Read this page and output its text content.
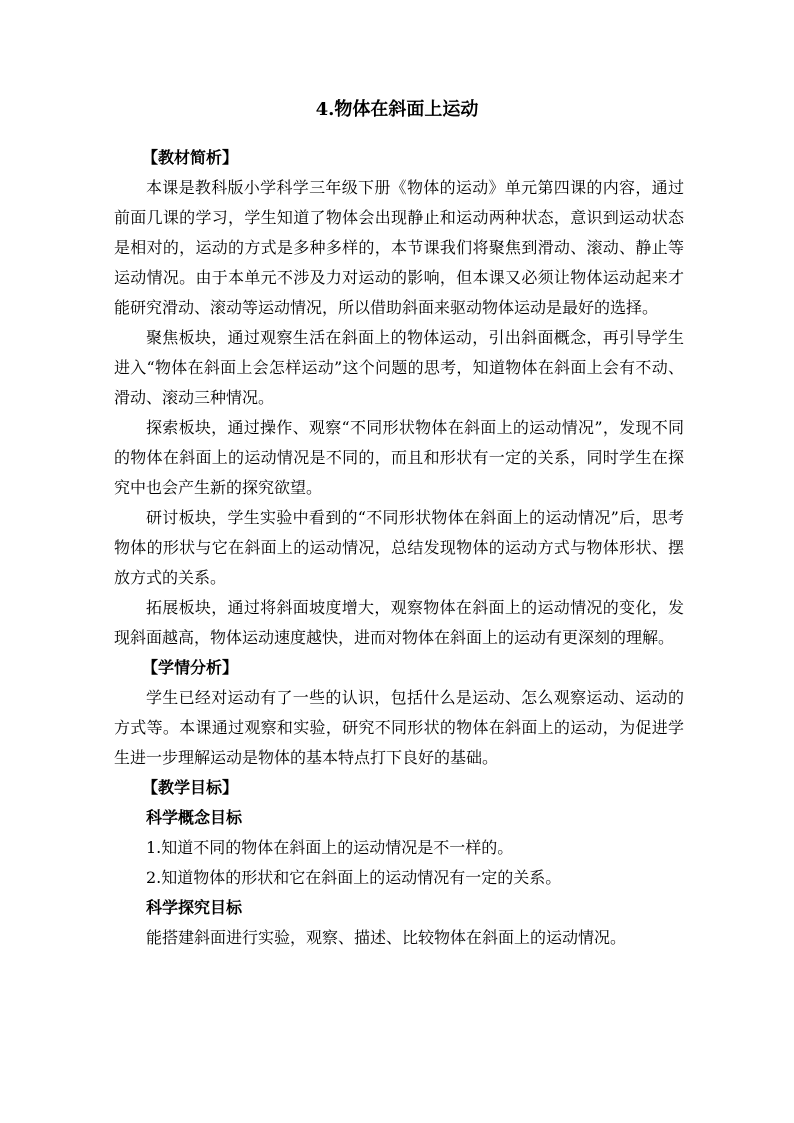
4.物体在斜面上运动

【教材简析】

本课是教科版小学科学三年级下册《物体的运动》单元第四课的内容，通过前面几课的学习，学生知道了物体会出现静止和运动两种状态，意识到运动状态是相对的，运动的方式是多种多样的，本节课我们将聚焦到滑动、滚动、静止等运动情况。由于本单元不涉及力对运动的影响，但本课又必须让物体运动起来才能研究滑动、滚动等运动情况，所以借助斜面来驱动物体运动是最好的选择。

聚焦板块，通过观察生活在斜面上的物体运动，引出斜面概念，再引导学生进入“物体在斜面上会怎样运动”这个问题的思考，知道物体在斜面上会有不动、滑动、滚动三种情况。

探索板块，通过操作、观察“不同形状物体在斜面上的运动情况”，发现不同的物体在斜面上的运动情况是不同的，而且和形状有一定的关系，同时学生在探究中也会产生新的探究欲望。

研讨板块，学生实验中看到的“不同形状物体在斜面上的运动情况”后，思考物体的形状与它在斜面上的运动情况，总结发现物体的运动方式与物体形状、摆放方式的关系。

拓展板块，通过将斜面坡度增大，观察物体在斜面上的运动情况的变化，发现斜面越高，物体运动速度越快，进而对物体在斜面上的运动有更深刻的理解。

【学情分析】

学生已经对运动有了一些的认识，包括什么是运动、怎么观察运动、运动的方式等。本课通过观察和实验，研究不同形状的物体在斜面上的运动，为促进学生进一步理解运动是物体的基本特点打下良好的基础。

【教学目标】

科学概念目标

1.知道不同的物体在斜面上的运动情况是不一样的。

2.知道物体的形状和它在斜面上的运动情况有一定的关系。

科学探究目标

能搭建斜面进行实验，观察、描述、比较物体在斜面上的运动情况。
